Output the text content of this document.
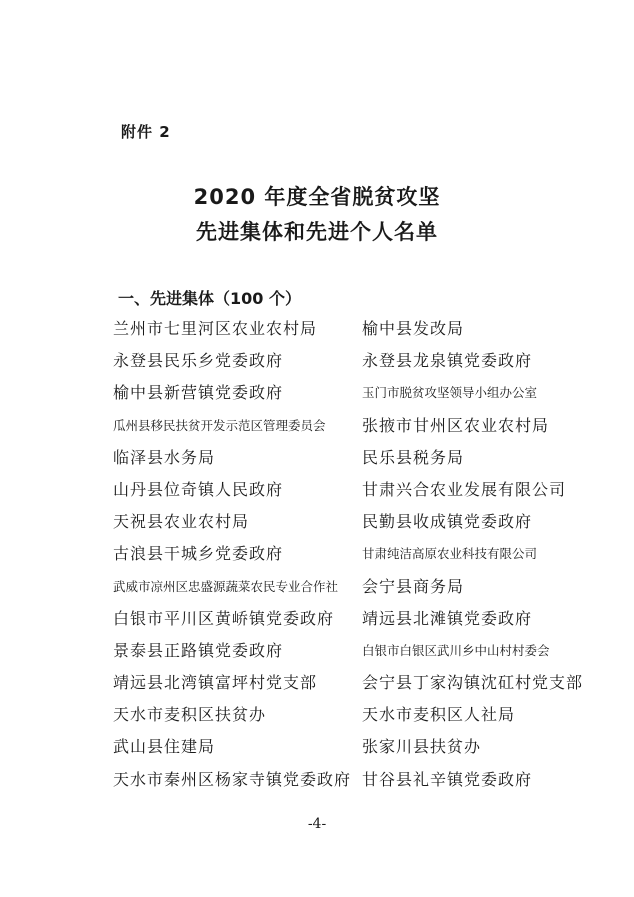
附件 2
2020 年度全省脱贫攻坚
先进集体和先进个人名单
一、先进集体（100 个）
兰州市七里河区农业农村局
永登县民乐乡党委政府
榆中县新营镇党委政府
瓜州县移民扶贫开发示范区管理委员会
临泽县水务局
山丹县位奇镇人民政府
天祝县农业农村局
古浪县干城乡党委政府
武威市凉州区忠盛源蔬菜农民专业合作社
白银市平川区黄峤镇党委政府
景泰县正路镇党委政府
靖远县北湾镇富坪村党支部
天水市麦积区扶贫办
武山县住建局
天水市秦州区杨家寺镇党委政府
榆中县发改局
永登县龙泉镇党委政府
玉门市脱贫攻坚领导小组办公室
张掖市甘州区农业农村局
民乐县税务局
甘肃兴合农业发展有限公司
民勤县收成镇党委政府
甘肃纯洁高原农业科技有限公司
会宁县商务局
靖远县北滩镇党委政府
白银市白银区武川乡中山村村委会
会宁县丁家沟镇沈矼村党支部
天水市麦积区人社局
张家川县扶贫办
甘谷县礼辛镇党委政府
-4-
